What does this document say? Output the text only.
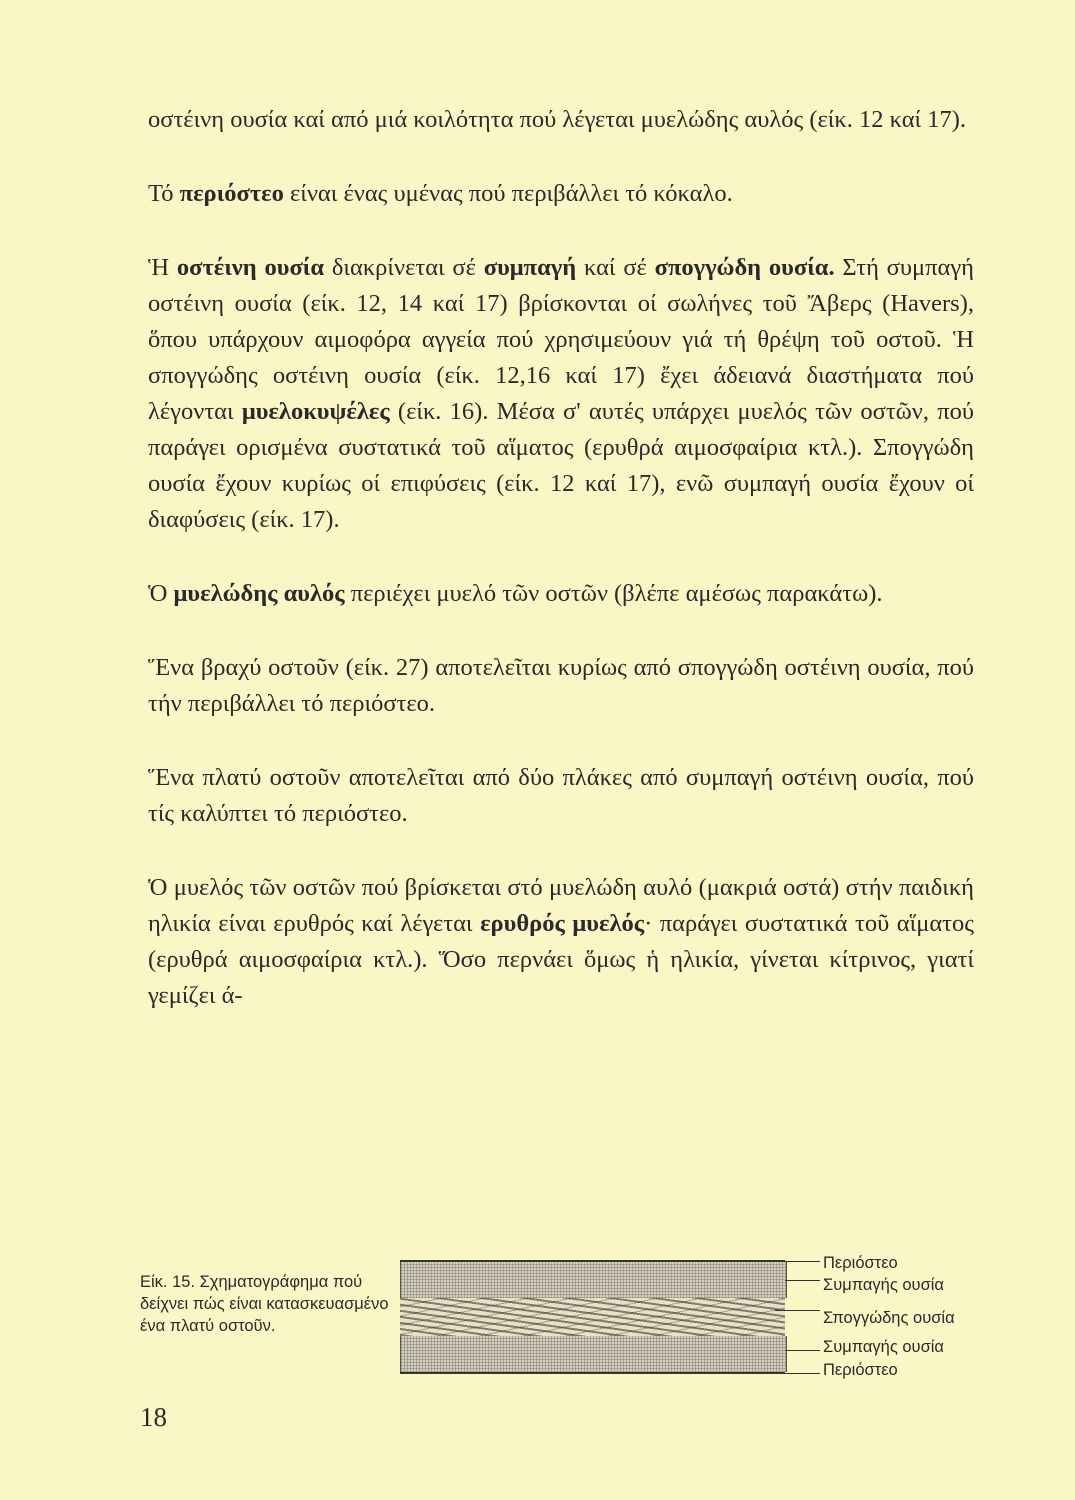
οστέινη ουσία καί από μιά κοιλότητα πού λέγεται μυελώδης αυλός (είκ. 12 καί 17).

Τό περιόστεο είναι ένας υμένας πού περιβάλλει τό κόκαλο.

Ἡ οστέινη ουσία διακρίνεται σέ συμπαγή καί σέ σπογγώδη ουσία. Στή συμπαγή οστέινη ουσία (είκ. 12, 14 καί 17) βρίσκονται οί σωλήνες τοῦ Ἄβερς (Havers), ὅπου υπάρχουν αιμοφόρα αγγεία πού χρησιμεύουν γιά τή θρέψη τοῦ οστοῦ. Ἡ σπογγώδης οστέινη ουσία (είκ. 12,16 καί 17) ἔχει άδειανά διαστήματα πού λέγονται μυελοκυψέλες (είκ. 16). Μέσα σ' αυτές υπάρχει μυελός τῶν οστῶν, πού παράγει ορισμένα συστατικά τοῦ αἵματος (ερυθρά αιμοσφαίρια κτλ.). Σπογγώδη ουσία ἔχουν κυρίως οί επιφύσεις (είκ. 12 καί 17), ενῶ συμπαγή ουσία ἔχουν οί διαφύσεις (είκ. 17).

Ὁ μυελώδης αυλός περιέχει μυελό τῶν οστῶν (βλέπε αμέσως παρακάτω).

Ἕνα βραχύ οστοῦν (είκ. 27) αποτελεῖται κυρίως από σπογγώδη οστέινη ουσία, πού τήν περιβάλλει τό περιόστεο.

Ἕνα πλατύ οστοῦν αποτελεῖται από δύο πλάκες από συμπαγή οστέινη ουσία, πού τίς καλύπτει τό περιόστεο.

Ὁ μυελός τῶν οστῶν πού βρίσκεται στό μυελώδη αυλό (μακριά οστά) στήν παιδική ηλικία είναι ερυθρός καί λέγεται ερυθρός μυελός· παράγει συστατικά τοῦ αἵματος (ερυθρά αιμοσφαίρια κτλ.). Ὅσο περνάει ὅμως ἡ ηλικία, γίνεται κίτρινος, γιατί γεμίζει ά-

Είκ. 15. Σχηματογράφημα πού δείχνει πώς είναι κατασκευασμένο ένα πλατύ οστοῦν.
Περιόστεο
Συμπαγής ουσία
Σπογγώδης ουσία
Συμπαγής ουσία
Περιόστεο
18
